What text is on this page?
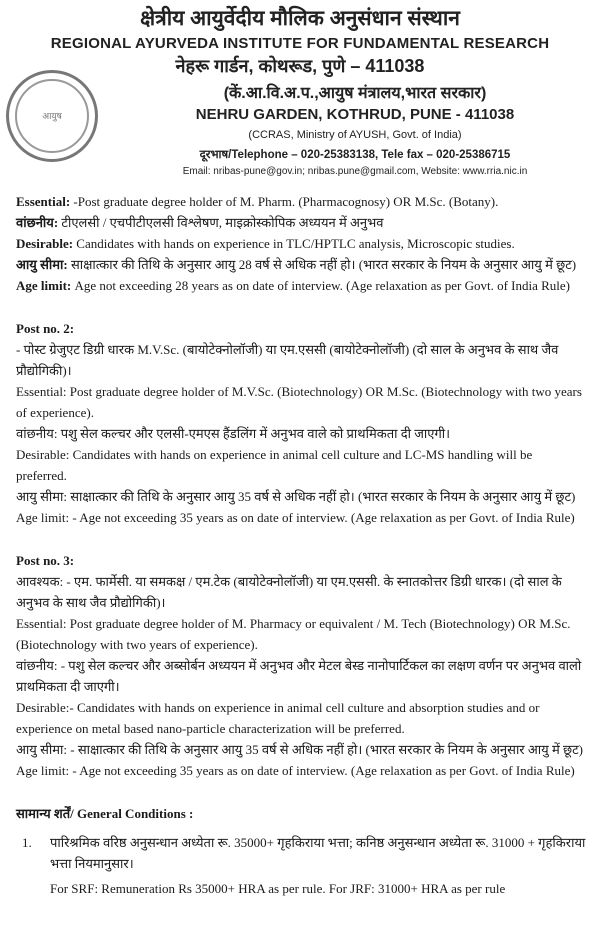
आयुष
क्षेत्रीय आयुर्वेदीय मौलिक अनुसंधान संस्थान
REGIONAL AYURVEDA INSTITUTE FOR FUNDAMENTAL RESEARCH
नेहरू गार्डन, कोथरूड, पुणे – 411038
(कें.आ.वि.अ.प.,आयुष मंत्रालय,भारत सरकार)
NEHRU GARDEN, KOTHRUD, PUNE - 411038
(CCRAS, Ministry of AYUSH, Govt. of India)
दूरभाष/Telephone – 020-25383138, Tele fax – 020-25386715
Email: nribas-pune@gov.in; nribas.pune@gmail.com, Website: www.rria.nic.in

Essential: -Post graduate degree holder of M. Pharm. (Pharmacognosy) OR M.Sc. (Botany).

वांछनीय: टीएलसी / एचपीटीएलसी विश्लेषण, माइक्रोस्कोपिक अध्ययन में अनुभव

Desirable: Candidates with hands on experience in TLC/HPTLC analysis, Microscopic studies.

आयु सीमा: साक्षात्कार की तिथि के अनुसार आयु 28 वर्ष से अधिक नहीं हो। (भारत सरकार के नियम के अनुसार आयु में छूट)

Age limit: Age not exceeding 28 years as on date of interview. (Age relaxation as per Govt. of India Rule)

Post no. 2:

- पोस्ट ग्रेजुएट डिग्री धारक M.V.Sc. (बायोटेक्नोलॉजी) या एम.एससी (बायोटेक्नोलॉजी) (दो साल के अनुभव के साथ जैव प्रौद्योगिकी)।

Essential: Post graduate degree holder of M.V.Sc. (Biotechnology) OR M.Sc. (Biotechnology with two years of experience).

वांछनीय: पशु सेल कल्चर और एलसी-एमएस हैंडलिंग में अनुभव वाले को प्राथमिकता दी जाएगी।

Desirable: Candidates with hands on experience in animal cell culture and LC-MS handling will be preferred.

आयु सीमा: साक्षात्कार की तिथि के अनुसार आयु 35 वर्ष से अधिक नहीं हो। (भारत सरकार के नियम के अनुसार आयु में छूट)

Age limit: - Age not exceeding 35 years as on date of interview. (Age relaxation as per Govt. of India Rule)

Post no. 3:

आवश्यक: - एम. फार्मेसी. या समकक्ष / एम.टेक (बायोटेक्नोलॉजी) या एम.एससी. के स्नातकोत्तर डिग्री धारक। (दो साल के अनुभव के साथ जैव प्रौद्योगिकी)।

Essential: Post graduate degree holder of M. Pharmacy or equivalent / M. Tech (Biotechnology) OR M.Sc. (Biotechnology with two years of experience).

वांछनीय: - पशु सेल कल्चर और अब्सोर्बन अध्ययन में अनुभव और मेटल बेस्ड नानोपार्टिकल का लक्षण वर्णन पर अनुभव वालो प्राथमिकता दी जाएगी।

Desirable:- Candidates with hands on experience in animal cell culture and absorption studies and or experience on metal based nano-particle characterization will be preferred.

आयु सीमा: - साक्षात्कार की तिथि के अनुसार आयु 35 वर्ष से अधिक नहीं हो। (भारत सरकार के नियम के अनुसार आयु में छूट)

Age limit: - Age not exceeding 35 years as on date of interview. (Age relaxation as per Govt. of India Rule)

सामान्य शर्तें/ General Conditions :

1.	पारिश्रमिक वरिष्ठ अनुसन्धान अध्येता रू. 35000+ गृहकिराया भत्ता; कनिष्ठ अनुसन्धान अध्येता रू. 31000 + गृहकिराया भत्ता नियमानुसार।

For SRF: Remuneration Rs 35000+ HRA as per rule. For JRF: 31000+ HRA as per rule
